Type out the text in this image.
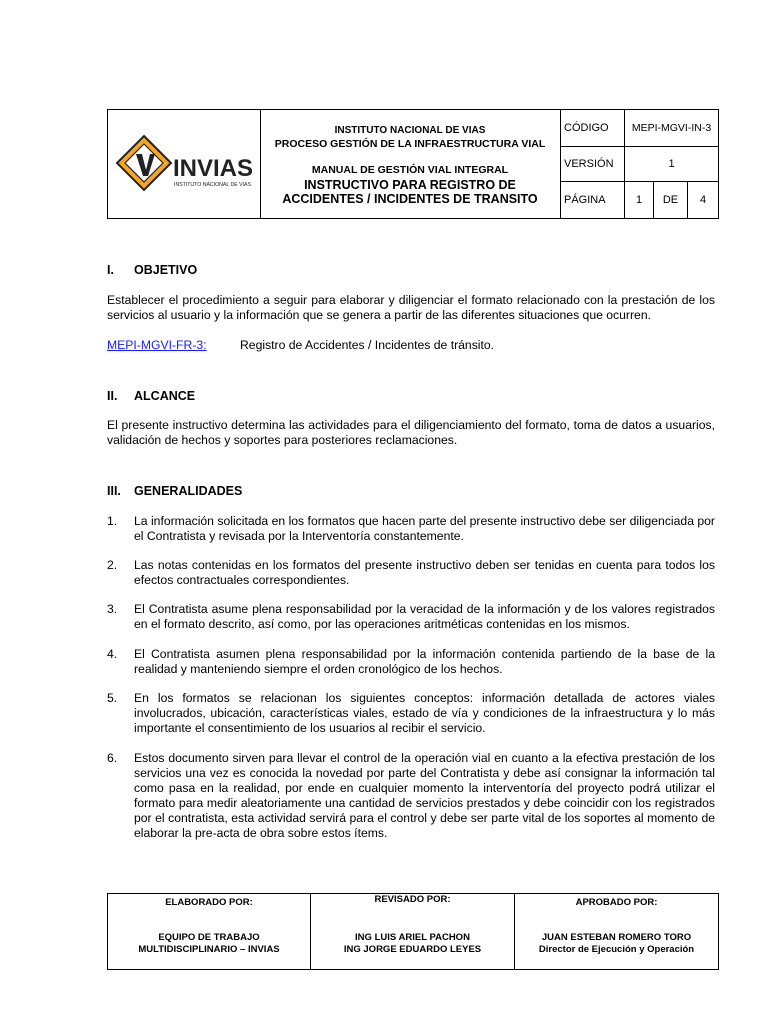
INVIAS
INSTITUTO NACIONAL DE VIAS
INSTITUTO NACIONAL DE VIAS
PROCESO GESTIÓN DE LA INFRAESTRUCTURA VIAL
MANUAL DE GESTIÓN VIAL INTEGRAL
INSTRUCTIVO PARA REGISTRO DE ACCIDENTES / INCIDENTES DE TRANSITO
CÓDIGO	MEPI-MGVI-IN-3
VERSIÓN	1
PÁGINA	1	DE	4
I. OBJETIVO
Establecer el procedimiento a seguir para elaborar y diligenciar el formato relacionado con la prestación de los servicios al usuario y la información que se genera a partir de las diferentes situaciones que ocurren.
MEPI-MGVI-FR-3:	Registro de Accidentes / Incidentes de tránsito.
II. ALCANCE
El presente instructivo determina las actividades para el diligenciamiento del formato, toma de datos a usuarios, validación de hechos y soportes para posteriores reclamaciones.
III. GENERALIDADES
1. La información solicitada en los formatos que hacen parte del presente instructivo debe ser diligenciada por el Contratista y revisada por la Interventoría constantemente.
2. Las notas contenidas en los formatos del presente instructivo deben ser tenidas en cuenta para todos los efectos contractuales correspondientes.
3. El Contratista asume plena responsabilidad por la veracidad de la información y de los valores registrados en el formato descrito, así como, por las operaciones aritméticas contenidas en los mismos.
4. El Contratista asumen plena responsabilidad por la información contenida partiendo de la base de la realidad y manteniendo siempre el orden cronológico de los hechos.
5. En los formatos se relacionan los siguientes conceptos: información detallada de actores viales involucrados, ubicación, características viales, estado de vía y condiciones de la infraestructura y lo más importante el consentimiento de los usuarios al recibir el servicio.
6. Estos documento sirven para llevar el control de la operación vial en cuanto a la efectiva prestación de los servicios una vez es conocida la novedad por parte del Contratista y debe así consignar la información tal como pasa en la realidad, por ende en cualquier momento la interventoría del proyecto podrá utilizar el formato para medir aleatoriamente una cantidad de servicios prestados y debe coincidir con los registrados por el contratista, esta actividad servirá para el control y debe ser parte vital de los soportes al momento de elaborar la pre-acta de obra sobre estos ítems.
ELABORADO POR:
EQUIPO DE TRABAJO MULTIDISCIPLINARIO – INVIAS
REVISADO POR:
ING LUIS ARIEL PACHON
ING JORGE EDUARDO LEYES
APROBADO POR:
JUAN ESTEBAN ROMERO TORO
Director de Ejecución y Operación
